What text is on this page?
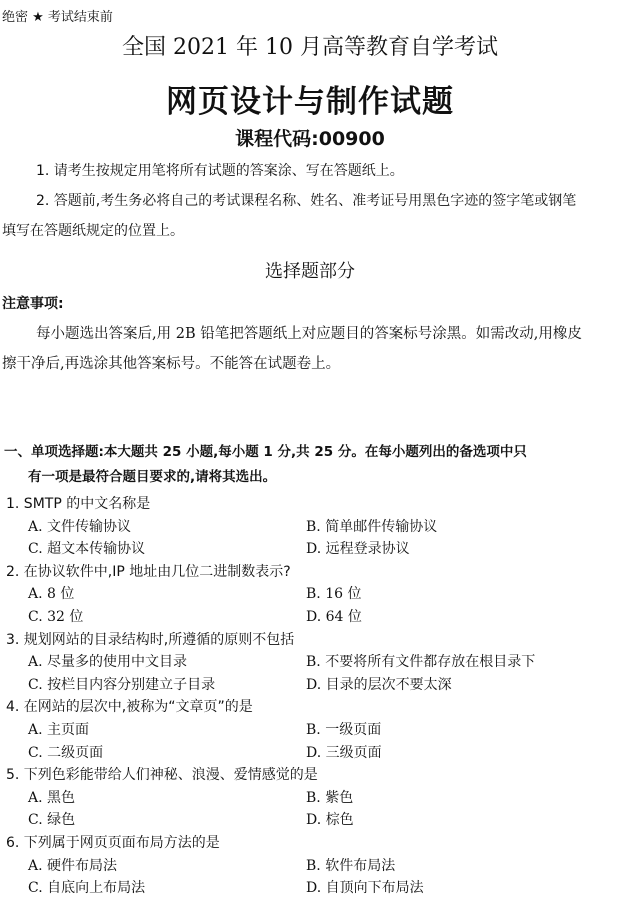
绝密 ★ 考试结束前
全国 2021 年 10 月高等教育自学考试
网页设计与制作试题
课程代码:00900
1. 请考生按规定用笔将所有试题的答案涂、写在答题纸上。
2. 答题前,考生务必将自己的考试课程名称、姓名、准考证号用黑色字迹的签字笔或钢笔
填写在答题纸规定的位置上。
选择题部分
注意事项:
每小题选出答案后,用 2B 铅笔把答题纸上对应题目的答案标号涂黑。如需改动,用橡皮
擦干净后,再选涂其他答案标号。不能答在试题卷上。
一、单项选择题:本大题共 25 小题,每小题 1 分,共 25 分。在每小题列出的备选项中只
有一项是最符合题目要求的,请将其选出。
1. SMTP 的中文名称是
A. 文件传输协议	B. 简单邮件传输协议
C. 超文本传输协议	D. 远程登录协议
2. 在协议软件中,IP 地址由几位二进制数表示?
A. 8 位	B. 16 位
C. 32 位	D. 64 位
3. 规划网站的目录结构时,所遵循的原则不包括
A. 尽量多的使用中文目录	B. 不要将所有文件都存放在根目录下
C. 按栏目内容分别建立子目录	D. 目录的层次不要太深
4. 在网站的层次中,被称为“文章页”的是
A. 主页面	B. 一级页面
C. 二级页面	D. 三级页面
5. 下列色彩能带给人们神秘、浪漫、爱情感觉的是
A. 黑色	B. 紫色
C. 绿色	D. 棕色
6. 下列属于网页页面布局方法的是
A. 硬件布局法	B. 软件布局法
C. 自底向上布局法	D. 自顶向下布局法
